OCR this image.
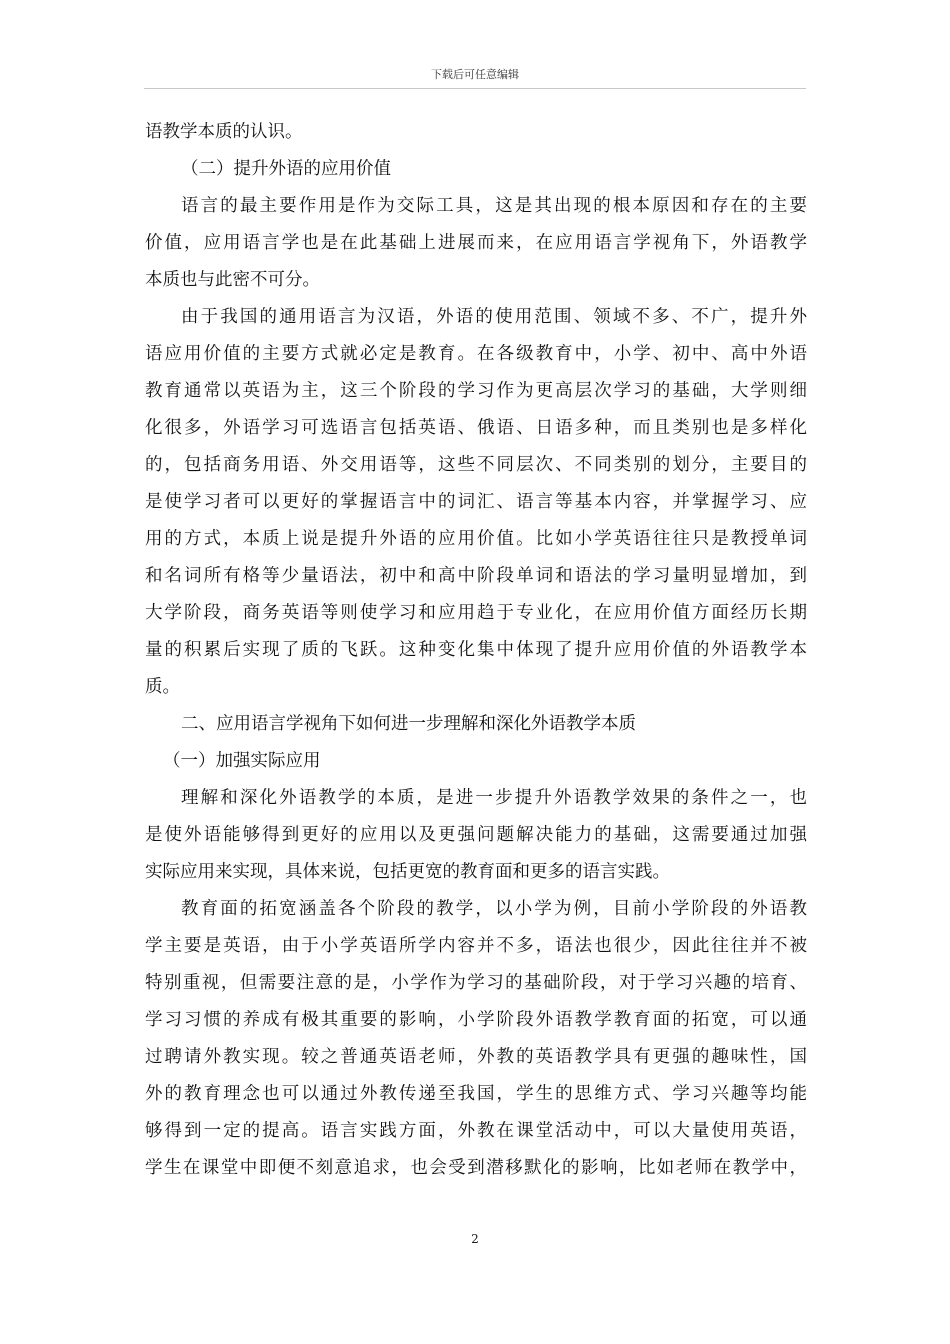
下载后可任意编辑
语教学本质的认识。
（二）提升外语的应用价值
语言的最主要作用是作为交际工具，这是其出现的根本原因和存在的主要
价值，应用语言学也是在此基础上进展而来，在应用语言学视角下，外语教学
本质也与此密不可分。
由于我国的通用语言为汉语，外语的使用范围、领域不多、不广，提升外
语应用价值的主要方式就必定是教育。在各级教育中，小学、初中、高中外语
教育通常以英语为主，这三个阶段的学习作为更高层次学习的基础，大学则细
化很多，外语学习可选语言包括英语、俄语、日语多种，而且类别也是多样化
的，包括商务用语、外交用语等，这些不同层次、不同类别的划分，主要目的
是使学习者可以更好的掌握语言中的词汇、语言等基本内容，并掌握学习、应
用的方式，本质上说是提升外语的应用价值。比如小学英语往往只是教授单词
和名词所有格等少量语法，初中和高中阶段单词和语法的学习量明显增加，到
大学阶段，商务英语等则使学习和应用趋于专业化，在应用价值方面经历长期
量的积累后实现了质的飞跃。这种变化集中体现了提升应用价值的外语教学本
质。
二、应用语言学视角下如何进一步理解和深化外语教学本质
（一）加强实际应用
理解和深化外语教学的本质，是进一步提升外语教学效果的条件之一，也
是使外语能够得到更好的应用以及更强问题解决能力的基础，这需要通过加强
实际应用来实现，具体来说，包括更宽的教育面和更多的语言实践。
教育面的拓宽涵盖各个阶段的教学，以小学为例，目前小学阶段的外语教
学主要是英语，由于小学英语所学内容并不多，语法也很少，因此往往并不被
特别重视，但需要注意的是，小学作为学习的基础阶段，对于学习兴趣的培育、
学习习惯的养成有极其重要的影响，小学阶段外语教学教育面的拓宽，可以通
过聘请外教实现。较之普通英语老师，外教的英语教学具有更强的趣味性，国
外的教育理念也可以通过外教传递至我国，学生的思维方式、学习兴趣等均能
够得到一定的提高。语言实践方面，外教在课堂活动中，可以大量使用英语，
学生在课堂中即便不刻意追求，也会受到潜移默化的影响，比如老师在教学中，
2
